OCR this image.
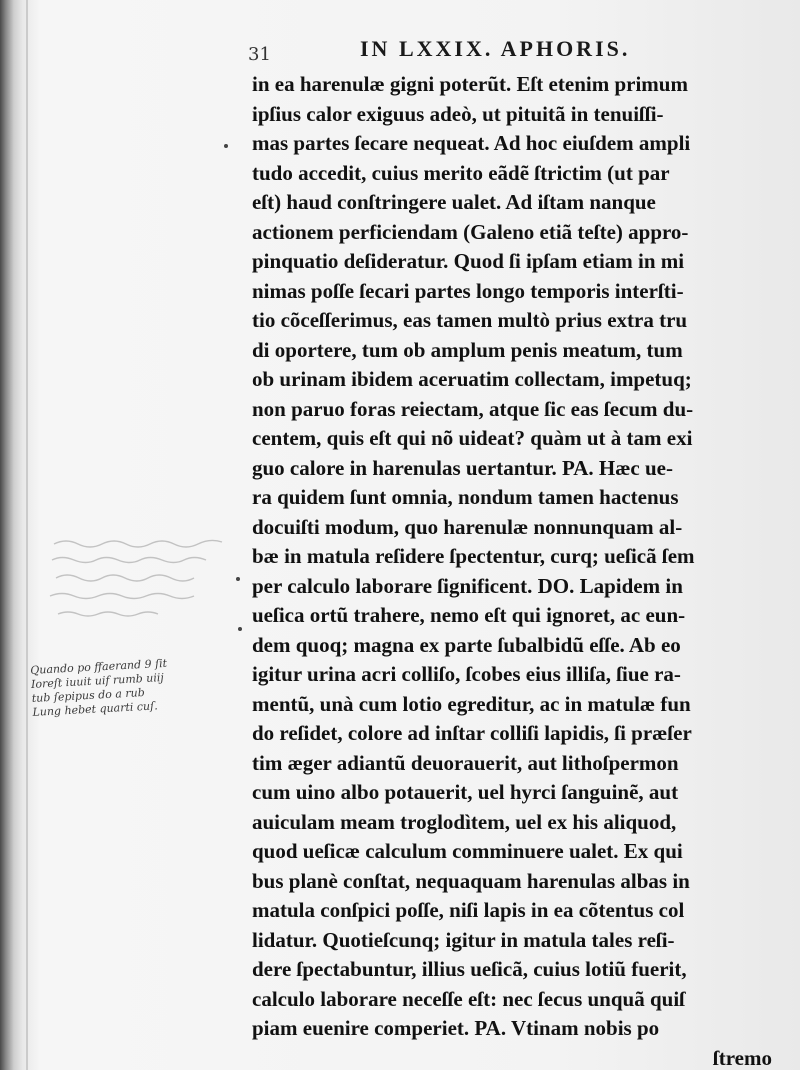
31	IN LXXIX. APHORIS.
Quando po ffaerand 9 ſit
Ioreſt iuuit uif rumb uiij
tub ſepipus do a rub
Lung hebet quarti cuſ.
in ea harenulæ gigni poterũt. Eſt etenim primum
ipſius calor exiguus adeò, ut pituitã in tenuiſſi-
mas partes ſecare nequeat. Ad hoc eiuſdem ampli
tudo accedit, cuius merito eãdẽ ſtrictim (ut par
eſt) haud conſtringere ualet. Ad iſtam nanque
actionem perficiendam (Galeno etiã teſte) appro-
pinquatio deſideratur. Quod ſi ipſam etiam in mi
nimas poſſe ſecari partes longo temporis interſti-
tio cõceſſerimus, eas tamen multò prius extra tru
di oportere, tum ob amplum penis meatum, tum
ob urinam ibidem aceruatim collectam, impetuq;
non paruo foras reiectam, atque ſic eas ſecum du-
centem, quis eſt qui nõ uideat? quàm ut à tam exi
guo calore in harenulas uertantur. PA. Hæc ue-
ra quidem ſunt omnia, nondum tamen hactenus
docuiſti modum, quo harenulæ nonnunquam al-
bæ in matula reſidere ſpectentur, curq; ueſicã ſem
per calculo laborare ſignificent. DO. Lapidem in
ueſica ortũ trahere, nemo eſt qui ignoret, ac eun-
dem quoq; magna ex parte ſubalbidũ eſſe. Ab eo
igitur urina acri colliſo, ſcobes eius illiſa, ſiue ra-
mentũ, unà cum lotio egreditur, ac in matulæ fun
do reſidet, colore ad inſtar colliſi lapidis, ſi præſer
tim æger adiantũ deuorauerit, aut lithoſpermon
cum uino albo potauerit, uel hyrci ſanguinẽ, aut
auiculam meam troglodìtem, uel ex his aliquod,
quod ueſicæ calculum comminuere ualet. Ex qui
bus planè conſtat, nequaquam harenulas albas in
matula conſpici poſſe, niſi lapis in ea cõtentus col
lidatur. Quotieſcunq; igitur in matula tales reſi-
dere ſpectabuntur, illius ueſicã, cuius lotiũ fuerit,
calculo laborare neceſſe eſt: nec ſecus unquã quiſ
piam euenire comperiet. PA. Vtinam nobis po
ſtremo
